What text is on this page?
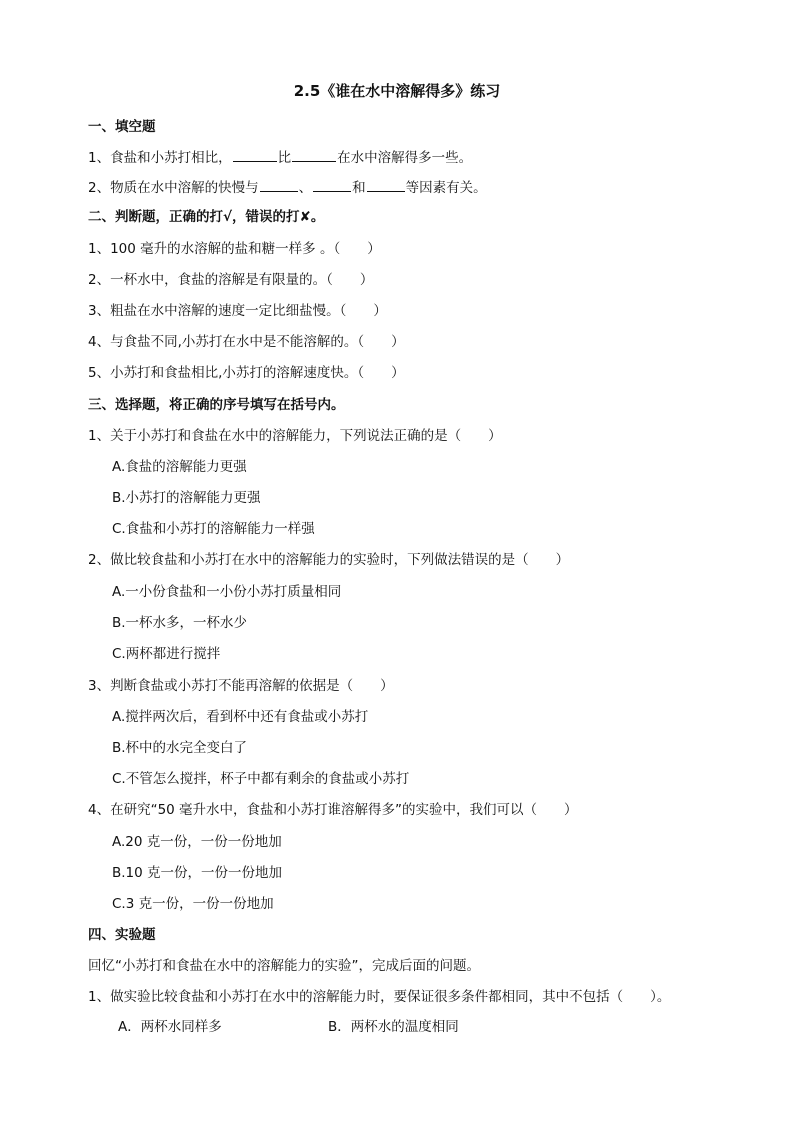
2.5《谁在水中溶解得多》练习
一、填空题
1、食盐和小苏打相比，	比	在水中溶解得多一些。
2、物质在水中溶解的快慢与	、	和	等因素有关。
二、判断题，正确的打√，错误的打✘。
1、100 毫升的水溶解的盐和糖一样多 。（　　）
2、一杯水中，食盐的溶解是有限量的。（　　）
3、粗盐在水中溶解的速度一定比细盐慢。（　　）
4、与食盐不同,小苏打在水中是不能溶解的。（　　）
5、小苏打和食盐相比,小苏打的溶解速度快。（　　）
三、选择题，将正确的序号填写在括号内。
1、关于小苏打和食盐在水中的溶解能力，下列说法正确的是（　　）
A.食盐的溶解能力更强
B.小苏打的溶解能力更强
C.食盐和小苏打的溶解能力一样强
2、做比较食盐和小苏打在水中的溶解能力的实验时，下列做法错误的是（　　）
A.一小份食盐和一小份小苏打质量相同
B.一杯水多，一杯水少
C.两杯都进行搅拌
3、判断食盐或小苏打不能再溶解的依据是（　　）
A.搅拌两次后，看到杯中还有食盐或小苏打
B.杯中的水完全变白了
C.不管怎么搅拌，杯子中都有剩余的食盐或小苏打
4、在研究“50 毫升水中，食盐和小苏打谁溶解得多”的实验中，我们可以（　　）
A.20 克一份，一份一份地加
B.10 克一份，一份一份地加
C.3 克一份，一份一份地加
四、实验题
回忆“小苏打和食盐在水中的溶解能力的实验”，完成后面的问题。
1、做实验比较食盐和小苏打在水中的溶解能力时，要保证很多条件都相同，其中不包括（　　）。
A．两杯水同样多	B．两杯水的温度相同
